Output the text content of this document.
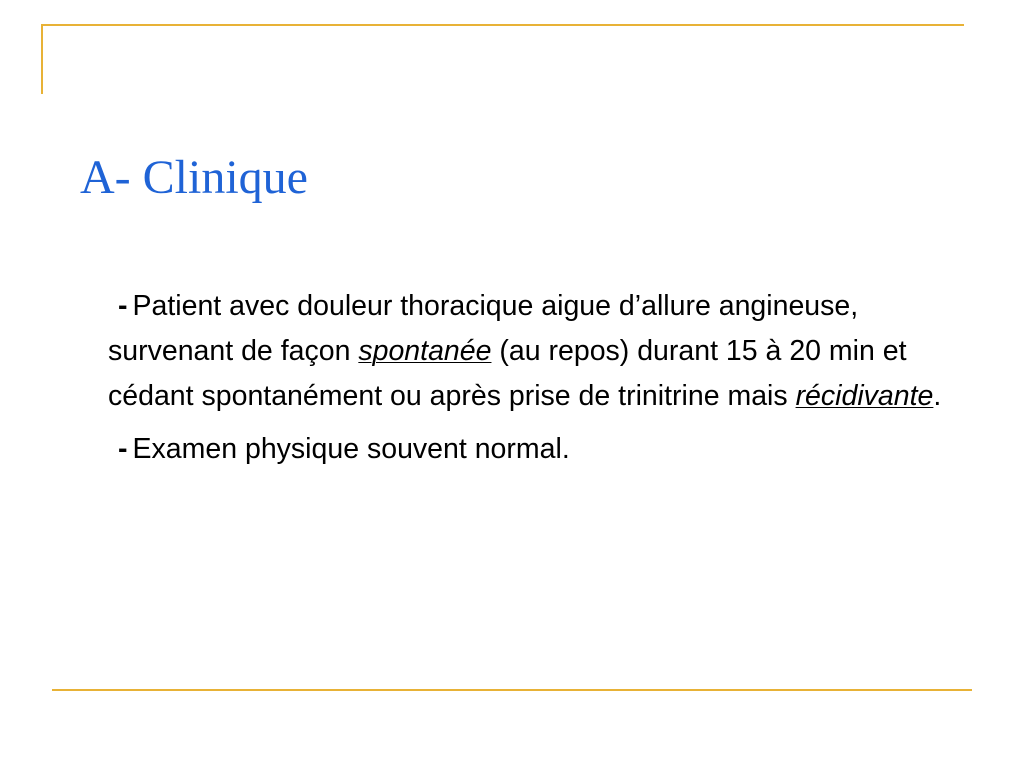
A- Clinique

- Patient avec douleur thoracique aigue d’allure angineuse, survenant de façon spontanée (au repos) durant 15 à 20 min et cédant spontanément ou après prise de trinitrine mais récidivante.

- Examen physique souvent normal.
